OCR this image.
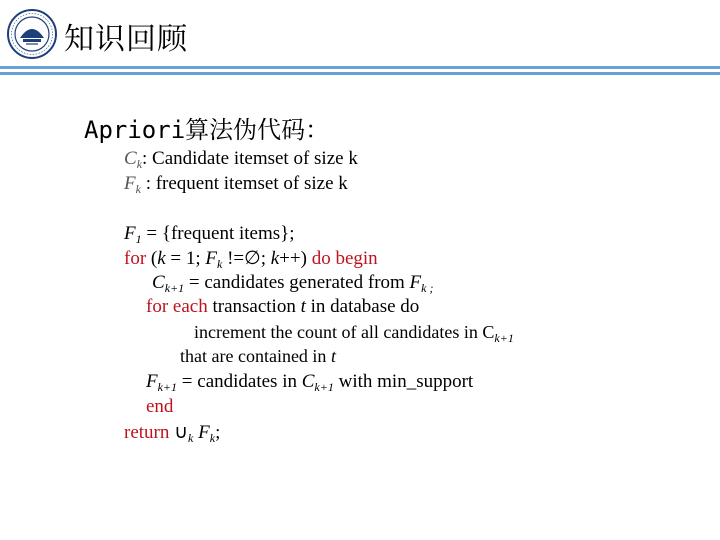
知识回顾
Apriori算法伪代码：
$C_k$: Candidate itemset of size k
$F_k$ : frequent itemset of size k
$F_1$ = {frequent items};
for (k = 1; $F_k$ !=∅; k++) do begin
$C_{k+1}$ = candidates generated from $F_{k ;}$
for each transaction t in database do
increment the count of all candidates in $C_{k+1}$
that are contained in t
$F_{k+1}$ = candidates in $C_{k+1}$ with min_support
end
return $\cup_k$ $F_k$;
